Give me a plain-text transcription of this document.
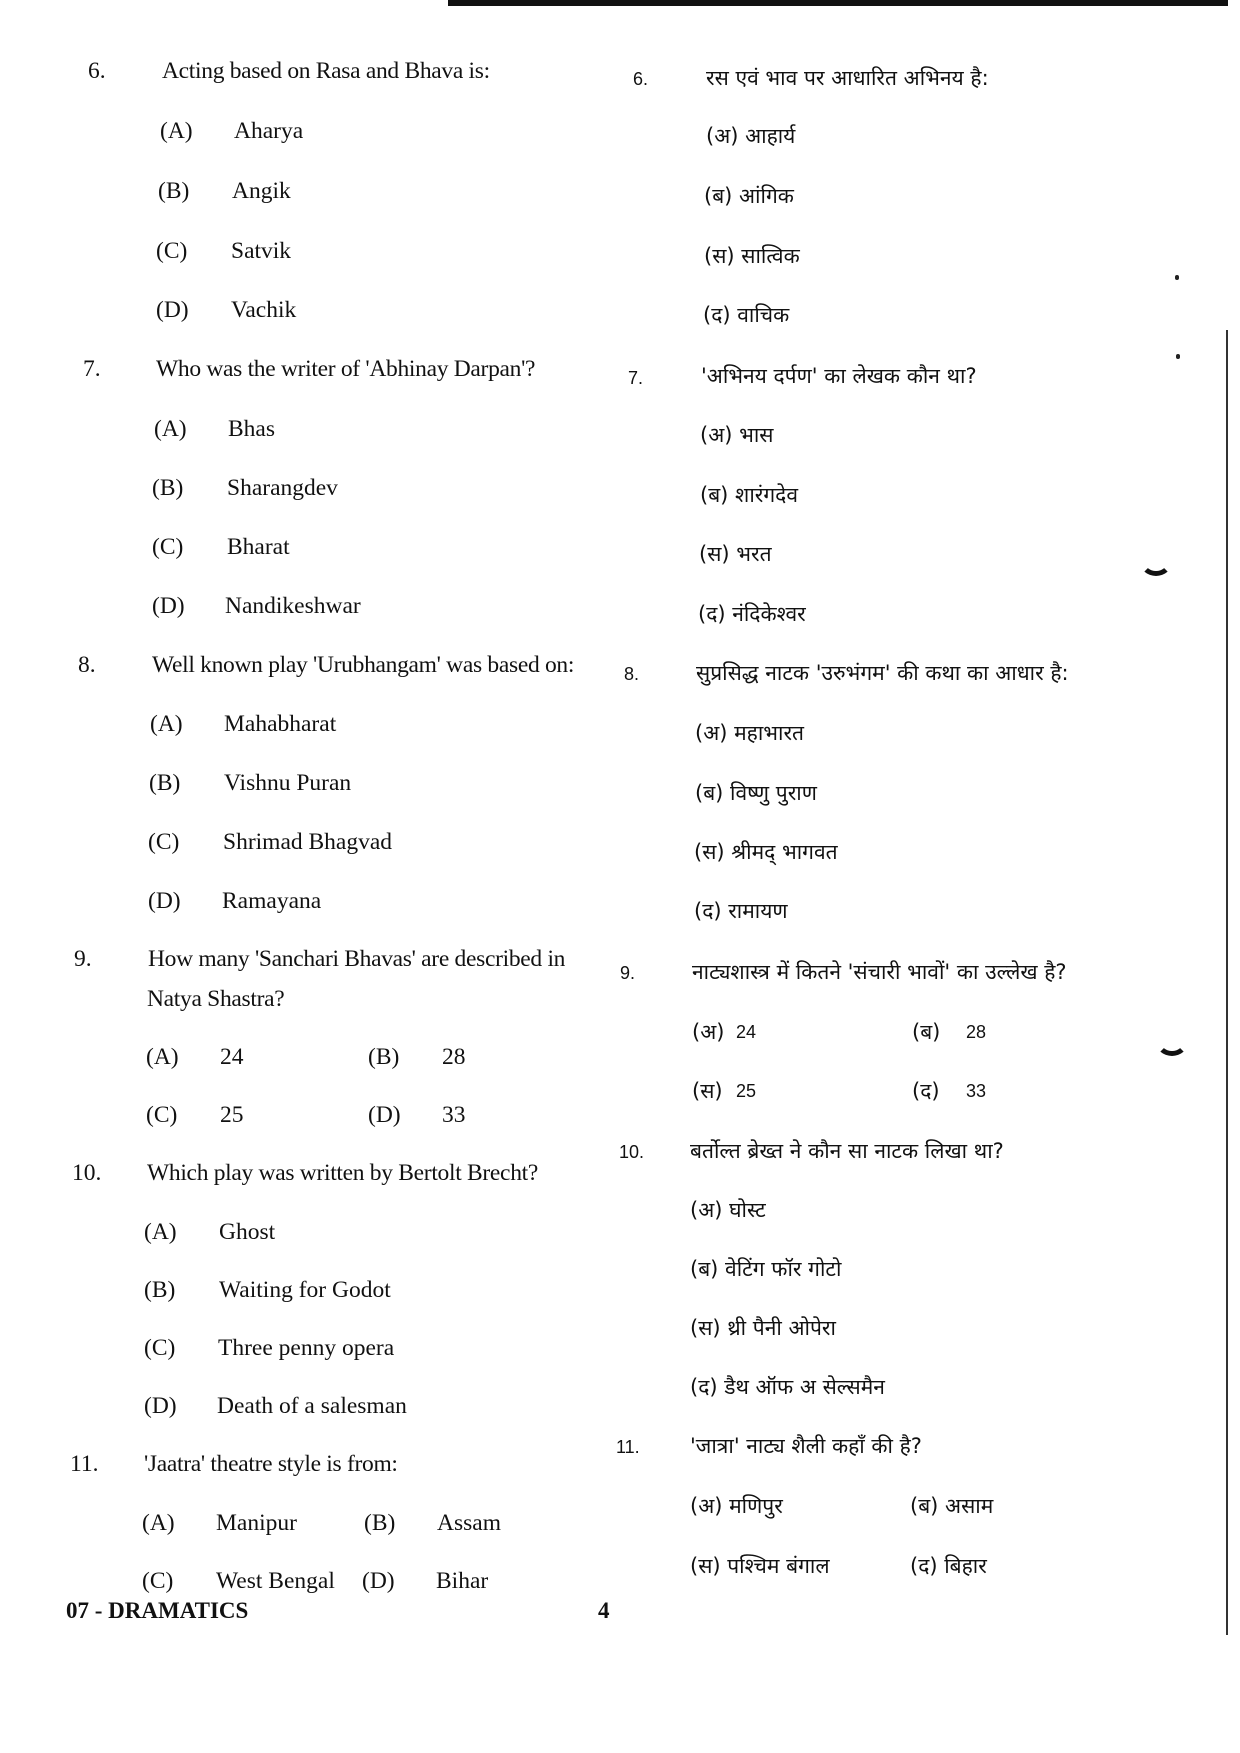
6. Acting based on Rasa and Bhava is:
(A) Aharya
(B) Angik
(C) Satvik
(D) Vachik
7. Who was the writer of 'Abhinay Darpan'?
(A) Bhas
(B) Sharangdev
(C) Bharat
(D) Nandikeshwar
8. Well known play 'Urubhangam' was based on:
(A) Mahabharat
(B) Vishnu Puran
(C) Shrimad Bhagvad
(D) Ramayana
9. How many 'Sanchari Bhavas' are described in
Natya Shastra?
(A) 24	(B) 28
(C) 25	(D) 33
10. Which play was written by Bertolt Brecht?
(A) Ghost
(B) Waiting for Godot
(C) Three penny opera
(D) Death of a salesman
11. 'Jaatra' theatre style is from:
(A) Manipur	(B) Assam
(C) West Bengal (D) Bihar
07 - DRAMATICS	4
6.	रस एवं भाव पर आधारित अभिनय है:
(अ) आहार्य
(ब) आंगिक
(स) सात्विक
(द) वाचिक
7.	'अभिनय दर्पण' का लेखक कौन था?
(अ) भास
(ब) शारंगदेव
(स) भरत
(द) नंदिकेश्वर
8.	सुप्रसिद्ध नाटक 'उरुभंगम' की कथा का आधार है:
(अ) महाभारत
(ब) विष्णु पुराण
(स) श्रीमद् भागवत
(द) रामायण
9.	नाट्यशास्त्र में कितने 'संचारी भावों' का उल्लेख है?
(अ) 24	(ब) 28
(स) 25	(द) 33
10. बर्तोल्त ब्रेख्त ने कौन सा नाटक लिखा था?
(अ) घोस्ट
(ब) वेटिंग फॉर गोटो
(स) थ्री पैनी ओपेरा
(द) डैथ ऑफ अ सेल्समैन
11. 'जात्रा' नाट्य शैली कहाँ की है?
(अ) मणिपुर	(ब) असाम
(स) पश्चिम बंगाल	(द) बिहार
